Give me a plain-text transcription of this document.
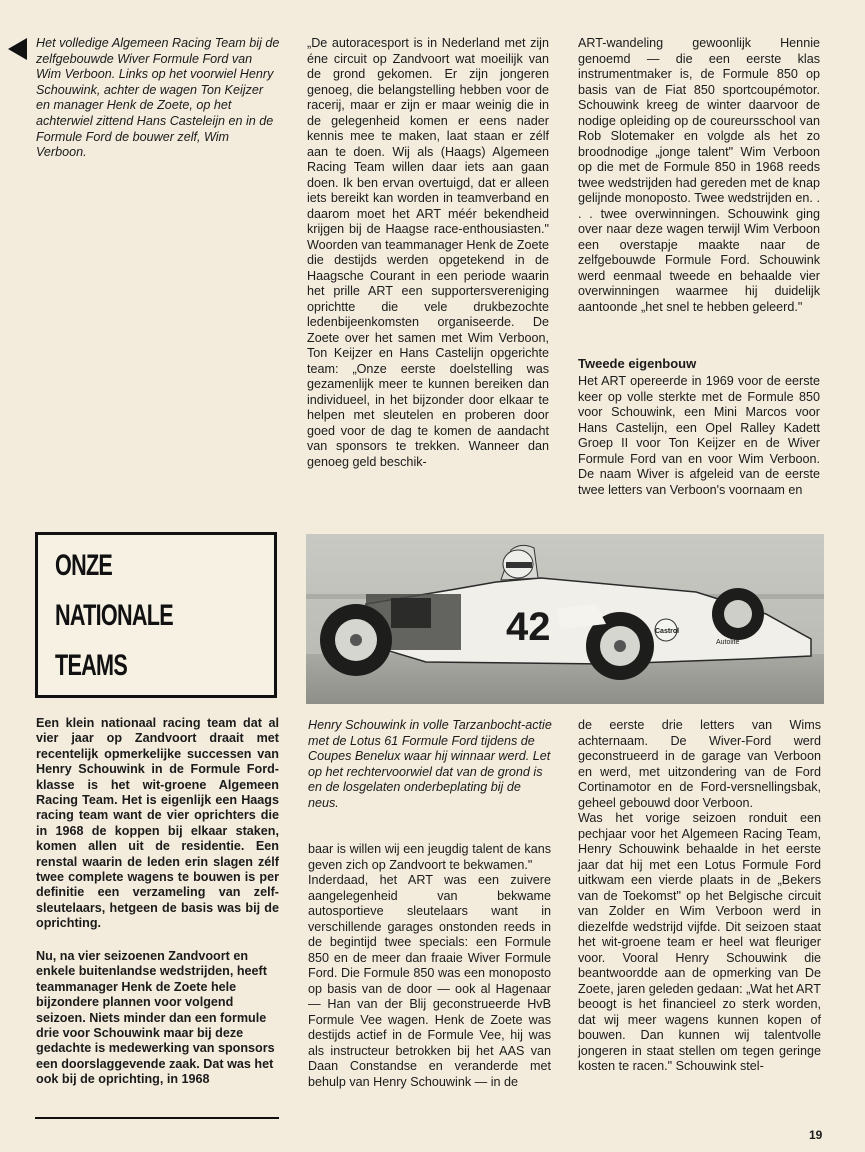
Het volledige Algemeen Racing Team bij de zelfgebouwde Wiver Formule Ford van Wim Verboon. Links op het voorwiel Henry Schouwink, achter de wagen Ton Keijzer en manager Henk de Zoete, op het achterwiel zittend Hans Casteleijn en in de Formule Ford de bouwer zelf, Wim Verboon.

„De autoracesport is in Nederland met zijn éne circuit op Zandvoort wat moeilijk van de grond gekomen. Er zijn jongeren genoeg, die belangstelling hebben voor de racerij, maar er zijn er maar weinig die in de gelegenheid komen er eens nader kennis mee te maken, laat staan er zélf aan te doen. Wij als (Haags) Algemeen Racing Team willen daar iets aan gaan doen. Ik ben ervan overtuigd, dat er alleen iets bereikt kan worden in teamverband en daarom moet het ART méér bekendheid krijgen bij de Haagse race-enthousiasten." Woorden van teammanager Henk de Zoete die destijds werden opgetekend in de Haagsche Courant in een periode waarin het prille ART een supportersvereniging oprichtte die vele drukbezochte ledenbijeenkomsten organiseerde. De Zoete over het samen met Wim Verboon, Ton Keijzer en Hans Castelijn opgerichte team: „Onze eerste doelstelling was gezamenlijk meer te kunnen bereiken dan individueel, in het bijzonder door elkaar te helpen met sleutelen en proberen door goed voor de dag te komen de aandacht van sponsors te trekken. Wanneer dan genoeg geld beschik-

ART-wandeling gewoonlijk Hennie genoemd — die een eerste klas instrumentmaker is, de Formule 850 op basis van de Fiat 850 sportcoupémotor. Schouwink kreeg de winter daarvoor de nodige opleiding op de coureursschool van Rob Slotemaker en volgde als het zo broodnodige „jonge talent" Wim Verboon op die met de Formule 850 in 1968 reeds twee wedstrijden had gereden met de knap gelijnde monoposto. Twee wedstrijden en. . . . twee overwinningen. Schouwink ging over naar deze wagen terwijl Wim Verboon een overstapje maakte naar de zelfgebouwde Formule Ford. Schouwink werd eenmaal tweede en behaalde vier overwinningen waarmee hij duidelijk aantoonde „het snel te hebben geleerd."

Tweede eigenbouw

Het ART opereerde in 1969 voor de eerste keer op volle sterkte met de Formule 850 voor Schouwink, een Mini Marcos voor Hans Castelijn, een Opel Ralley Kadett Groep II voor Ton Keijzer en de Wiver Formule Ford van en voor Wim Verboon. De naam Wiver is afgeleid van de eerste twee letters van Verboon's voornaam en

ONZE
NATIONALE
TEAMS
42	Castrol
Autolite

Een klein nationaal racing team dat al vier jaar op Zandvoort draait met recentelijk opmerkelijke successen van Henry Schouwink in de Formule Ford-klasse is het wit-groene Algemeen Racing Team. Het is eigenlijk een Haags racing team want de vier oprichters die in 1968 de koppen bij elkaar staken, komen allen uit de residentie. Een renstal waarin de leden erin slagen zélf twee complete wagens te bouwen is per definitie een verzameling van zelf-sleutelaars, hetgeen de basis was bij de oprichting.

Nu, na vier seizoenen Zandvoort en enkele buitenlandse wedstrijden, heeft teammanager Henk de Zoete hele bijzondere plannen voor volgend seizoen. Niets minder dan een formule drie voor Schouwink maar bij deze gedachte is medewerking van sponsors een doorslaggevende zaak. Dat was het ook bij de oprichting, in 1968

Henry Schouwink in volle Tarzanbocht-actie met de Lotus 61 Formule Ford tijdens de Coupes Benelux waar hij winnaar werd. Let op het rechtervoorwiel dat van de grond is en de losgelaten onderbeplating bij de neus.

baar is willen wij een jeugdig talent de kans geven zich op Zandvoort te bekwamen."
Inderdaad, het ART was een zuivere aangelegenheid van bekwame autosportieve sleutelaars want in verschillende garages onstonden reeds in de begintijd twee specials: een Formule 850 en de meer dan fraaie Wiver Formule Ford. Die Formule 850 was een monoposto op basis van de door — ook al Hagenaar — Han van der Blij geconstrueerde HvB Formule Vee wagen. Henk de Zoete was destijds actief in de Formule Vee, hij was als instructeur betrokken bij het AAS van Daan Constandse en veranderde met behulp van Henry Schouwink — in de

de eerste drie letters van Wims achternaam. De Wiver-Ford werd geconstrueerd in de garage van Verboon en werd, met uitzondering van de Ford Cortinamotor en de Ford-versnellingsbak, geheel gebouwd door Verboon.
Was het vorige seizoen ronduit een pechjaar voor het Algemeen Racing Team, Henry Schouwink behaalde in het eerste jaar dat hij met een Lotus Formule Ford uitkwam een vierde plaats in de „Bekers van de Toekomst" op het Belgische circuit van Zolder en Wim Verboon werd in diezelfde wedstrijd vijfde. Dit seizoen staat het wit-groene team er heel wat fleuriger voor. Vooral Henry Schouwink die beantwoordde aan de opmerking van De Zoete, jaren geleden gedaan: „Wat het ART beoogt is het financieel zo sterk worden, dat wij meer wagens kunnen kopen of bouwen. Dan kunnen wij talentvolle jongeren in staat stellen om tegen geringe kosten te racen." Schouwink stel-

19
